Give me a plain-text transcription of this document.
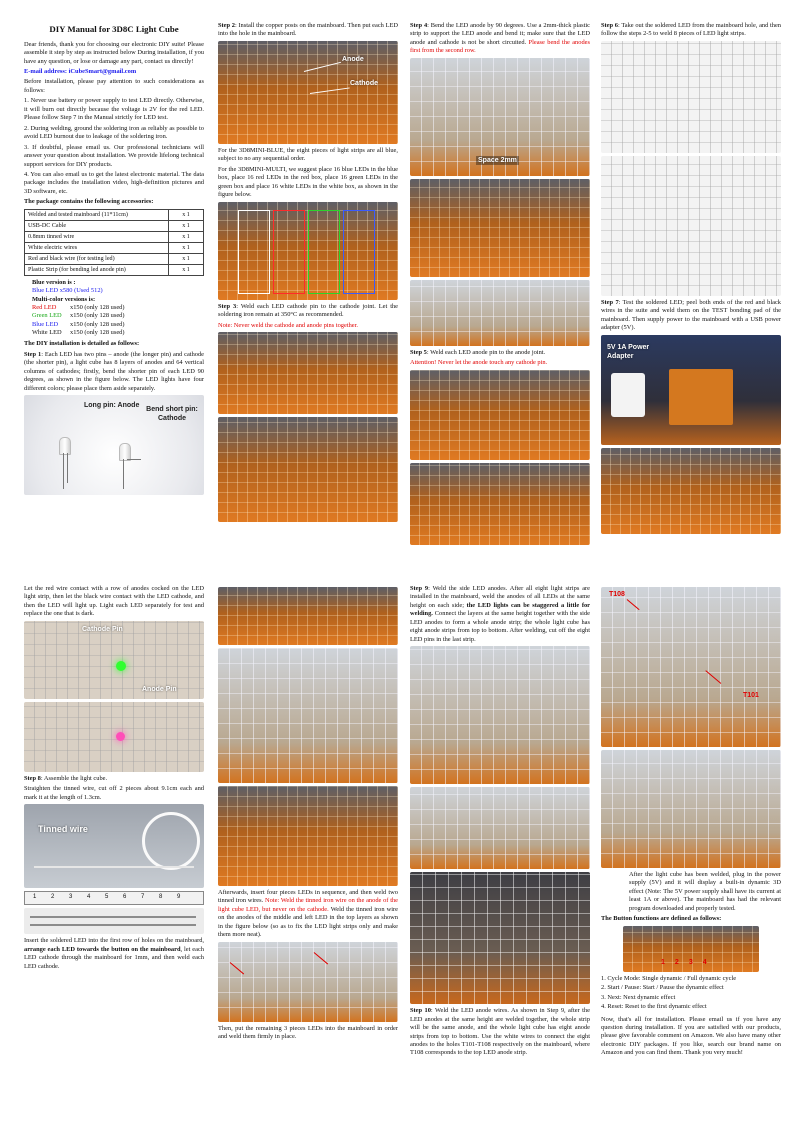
DIY Manual for 3D8C Light Cube

Dear friends, thank you for choosing our electronic DIY suite! Please assemble it step by step as instructed below During installation, if you have any question, or lose or damage any part, contact us directly!

E-mail address: iCubeSmart@gmail.com

Before installation, please pay attention to such considerations as follows:

1. Never use battery or power supply to test LED directly. Otherwise, it will burn out directly because the voltage is 2V for the red LED. Please follow Step 7 in the Manual strictly for LED test.

2. During welding, ground the soldering iron as reliably as possible to avoid LED burnout due to leakage of the soldering iron.

3. If doubtful, please email us. Our professional technicians will answer your question about installation. We provide lifelong technical support services for DIY products.

4. You can also email us to get the latest electronic material. The data package includes the installation video, high-definition pictures and 3D software, etc.

The package contains the following accessories:

Welded and tested mainboard (11*11cm)	x 1
USB-DC Cable	x 1
0.8mm tinned wire	x 1
White electric wires	x 1
Red and black wire (for testing led)	x 1
Plastic Strip (for bending led anode pin)	x 1

Blue version is :

Blue LED x580 (Used 512)

Multi-color versions is:

Red LED x150 (only 128 used)

Green LED x150 (only 128 used)

Blue LED x150 (only 128 used)

White LED x150 (only 128 used)

The DIY installation is detailed as follows:

Step 1: Each LED has two pins – anode (the longer pin) and cathode (the shorter pin), a light cube has 8 layers of anodes and 64 vertical columns of cathodes; firstly, bend the shorter pin of each LED 90 degrees, as shown in the figure below. The LED lights have four different colors; please place them aside separately.

Long pin: Anode
Bend short pin: Cathode

Step 2: Install the copper posts on the mainboard. Then put each LED into the hole in the mainboard.

Anode
Cathode

For the 3D8MINI-BLUE, the eight pieces of light strips are all blue, subject to no any sequential order.

For the 3D8MINI-MULTI, we suggest place 16 blue LEDs in the blue box, place 16 red LEDs in the red box, place 16 green LEDs in the green box and place 16 white LEDs in the white box, as shown in the figure below.

Step 3: Weld each LED cathode pin to the cathode joint. Let the soldering iron remain at 350°C as recommended.

Note: Never weld the cathode and anode pins together.

Step 4: Bend the LED anode by 90 degrees. Use a 2mm-thick plastic strip to support the LED anode and bend it; make sure that the LED anode and cathode is not be short circuited. Please bend the anodes first from the second row.

Space 2mm

Step 5: Weld each LED anode pin to the anode joint.

Attention! Never let the anode touch any cathode pin.

Step 6: Take out the soldered LED from the mainboard hole, and then follow the steps 2-5 to weld 8 pieces of LED light strips.

Step 7: Test the soldered LED; peel both ends of the red and black wires in the suite and weld them on the TEST bonding pad of the mainboard. Then supply power to the mainboard with a USB power adapter (5V).

5V 1A Power Adapter

Let the red wire contact with a row of anodes cocked on the LED light strip, then let the black wire contact with the LED cathode, and then the LED will light up. Light each LED separately for test and replace the one that is dark.

Cathode Pin
Anode Pin

Step 8: Assemble the light cube.

Straighten the tinned wire, cut off 2 pieces about 9.1cm each and mark it at the length of 1.3cm.

Tinned wire
1 2 3 4 5 6 7 8 9

Insert the soldered LED into the first row of holes on the mainboard, arrange each LED towards the button on the mainboard, let each LED cathode through the mainboard for 1mm, and then weld each LED cathode.

Afterwards, insert four pieces LEDs in sequence, and then weld two tinned iron wires. Note: Weld the tinned iron wire on the anode of the light cube LED, but never on the cathode. Weld the tinned iron wire on the anodes of the middle and left LED in the top layers as shown in the figure below (so as to fix the LED light strips only and make them more neat).

Then, put the remaining 3 pieces LEDs into the mainboard in order and weld them firmly in place.

Step 9: Weld the side LED anodes. After all eight light strips are installed in the mainboard, weld the anodes of all LEDs at the same height on each side; the LED lights can be staggered a little for welding. Connect the layers at the same height together with the side LED anodes to form a whole anode strip; the whole light cube has eight anode strips from top to bottom. After welding, cut off the eight LED pins in the last strip.

Step 10: Weld the LED anode wires. As shown in Step 9, after the LED anodes at the same height are welded together, the whole strip will be the same anode, and the whole light cube has eight anode strips from top to bottom. Use the white wires to connect the eight anodes to the holes T101-T108 respectively on the mainboard, where T108 corresponds to the top LED anode strip.

T108
T101

After the light cube has been welded, plug in the power supply (5V) and it will display a built-in dynamic 3D effect (Note: The 5V power supply shall have its current at least 1A or above). The mainboard has had the relevant program downloaded and properly tested.

The Button functions are defined as follows:

1 2 3 4
1. Cycle Mode: Single dynamic / Full dynamic cycle
2. Start / Pause: Start / Pause the dynamic effect
3. Next: Next dynamic effect
4. Reset: Reset to the first dynamic effect

Now, that's all for installation. Please email us if you have any question during installation. If you are satisfied with our products, please give favorable comment on Amazon. We also have many other electronic DIY packages. If you like, search our brand name on Amazon and you can find them. Thank you very much!
